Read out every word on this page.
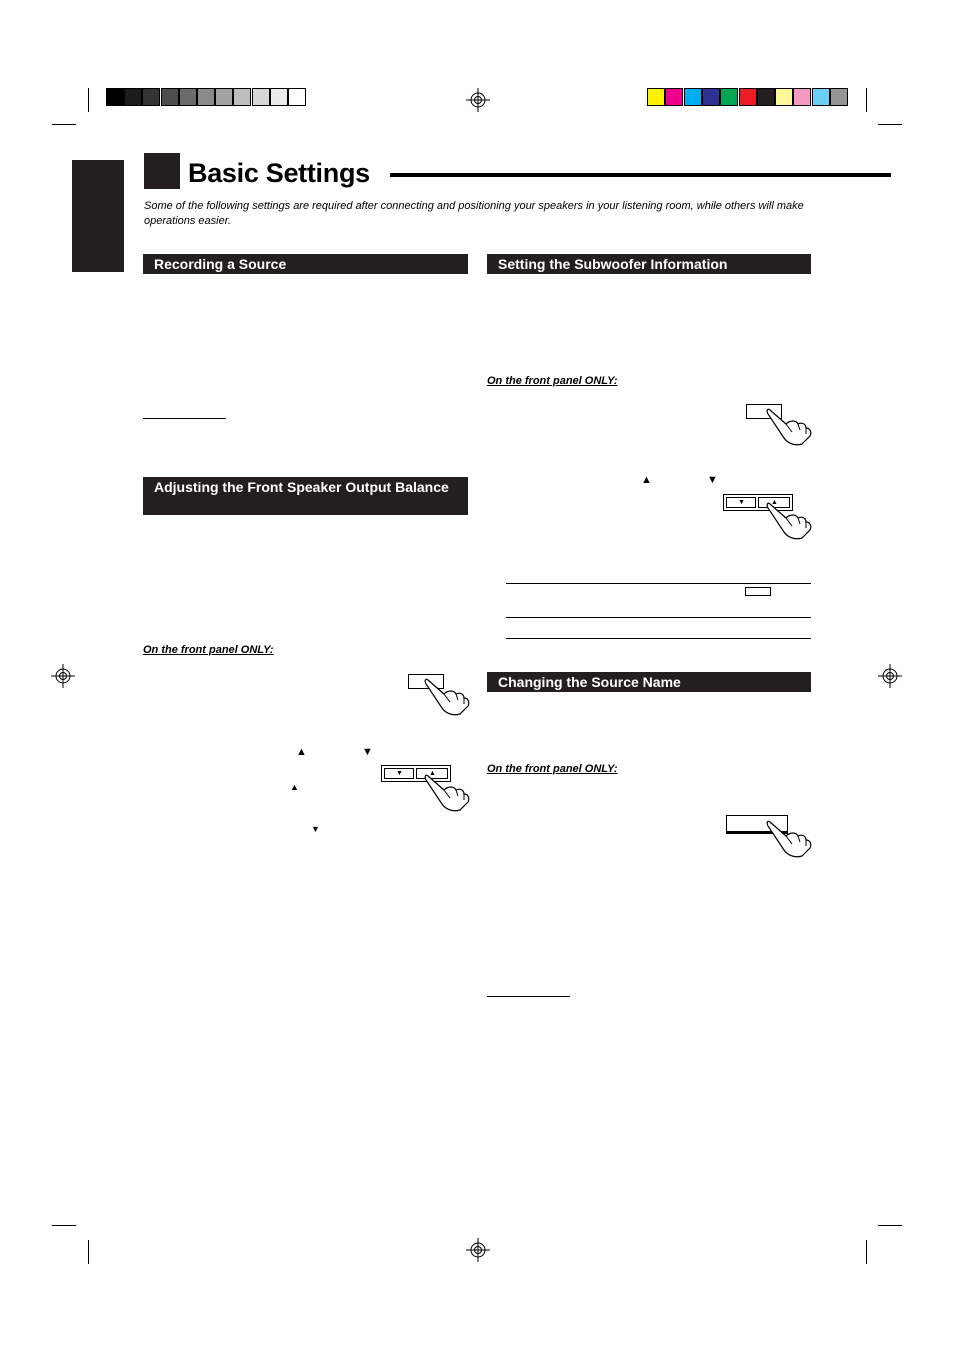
Basic Settings
Some of the following settings are required after connecting and positioning your speakers in your listening room, while others will make operations easier.
Recording a Source
Adjusting the Front Speaker Output Balance
On the front panel ONLY:
▲	▼
▲
▼
▼	▲
Setting the Subwoofer Information
On the front panel ONLY:
▲	▼
▼	▲
Changing the Source Name
On the front panel ONLY:
